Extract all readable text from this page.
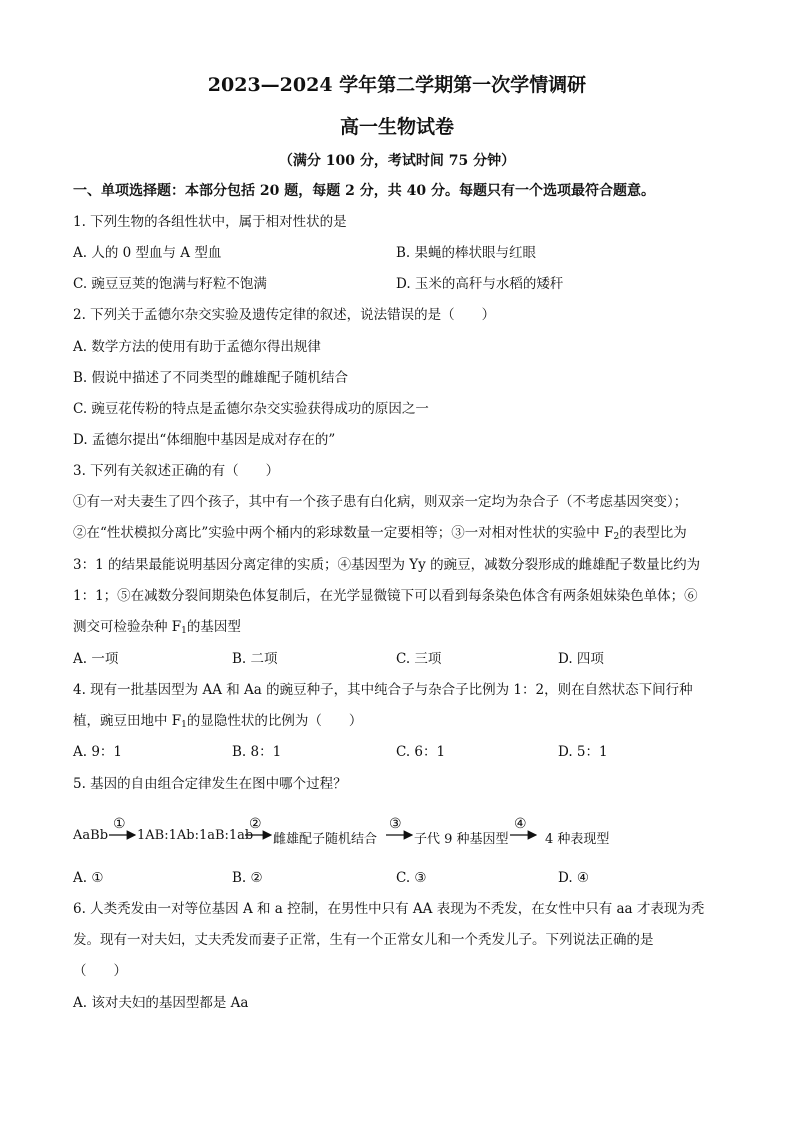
2023—2024 学年第二学期第一次学情调研
高一生物试卷
（满分 100 分，考试时间 75 分钟）
一、单项选择题：本部分包括 20 题，每题 2 分，共 40 分。每题只有一个选项最符合题意。
1. 下列生物的各组性状中，属于相对性状的是
A. 人的 0 型血与 A 型血	B. 果蝇的棒状眼与红眼
C. 豌豆豆荚的饱满与籽粒不饱满	D. 玉米的高秆与水稻的矮秆
2. 下列关于孟德尔杂交实验及遗传定律的叙述，说法错误的是（　　）
A. 数学方法的使用有助于孟德尔得出规律
B. 假说中描述了不同类型的雌雄配子随机结合
C. 豌豆花传粉的特点是孟德尔杂交实验获得成功的原因之一
D. 孟德尔提出“体细胞中基因是成对存在的”
3. 下列有关叙述正确的有（　　）
①有一对夫妻生了四个孩子，其中有一个孩子患有白化病，则双亲一定均为杂合子（不考虑基因突变）；
②在“性状模拟分离比”实验中两个桶内的彩球数量一定要相等；③一对相对性状的实验中 $F_2$的表型比为
3：1 的结果最能说明基因分离定律的实质；④基因型为 Yy 的豌豆，减数分裂形成的雌雄配子数量比约为
1：1；⑤在减数分裂间期染色体复制后，在光学显微镜下可以看到每条染色体含有两条姐妹染色单体；⑥
测交可检验杂种 $F_1$的基因型
A. 一项	B. 二项	C. 三项	D. 四项
4. 现有一批基因型为 AA 和 Aa 的豌豆种子，其中纯合子与杂合子比例为 1：2，则在自然状态下间行种
植，豌豆田地中 $F_1$的显隐性状的比例为（　　）
A. 9：1	B. 8：1	C. 6：1	D. 5：1
5. 基因的自由组合定律发生在图中哪个过程？
AaBb
①
1AB:1Ab:1aB:1ab
②
雌雄配子随机结合
③
子代 9 种基因型
④
4 种表现型
A. ①	B. ②	C. ③	D. ④
6. 人类秃发由一对等位基因 A 和 a 控制，在男性中只有 AA 表现为不秃发，在女性中只有 aa 才表现为秃
发。现有一对夫妇，丈夫秃发而妻子正常，生有一个正常女儿和一个秃发儿子。下列说法正确的是
（　　）
A. 该对夫妇的基因型都是 Aa
